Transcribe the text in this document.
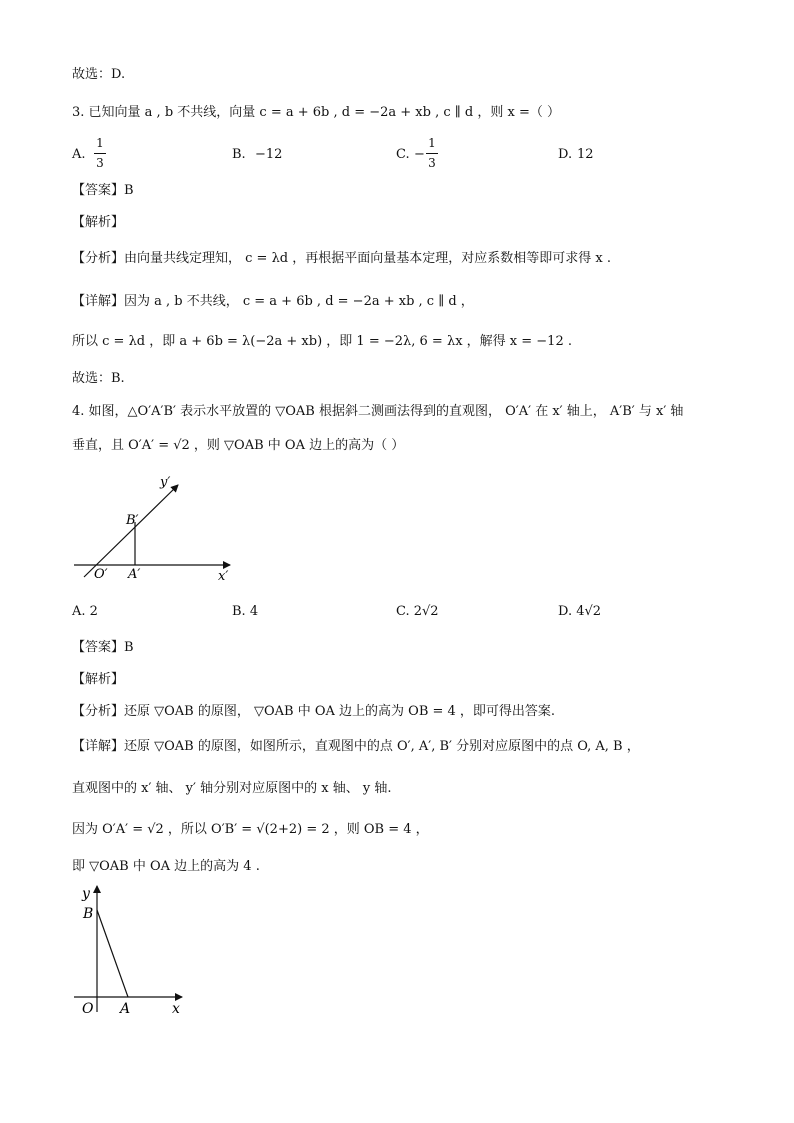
故选：D.
3. 已知向量 a , b 不共线，向量 c = a + 6b , d = −2a + xb , c ∥ d ，则 x =（ ）
A.
1
3
B. −12	C. −
1
3
D. 12
【答案】B
【解析】
【分析】由向量共线定理知， c = λd ，再根据平面向量基本定理，对应系数相等即可求得 x .
【详解】因为 a , b 不共线， c = a + 6b , d = −2a + xb , c ∥ d ，
所以 c = λd ，即 a + 6b = λ(−2a + xb) ，即 1 = −2λ, 6 = λx ，解得 x = −12 .
故选：B.
4. 如图，△O′A′B′ 表示水平放置的 ▽OAB 根据斜二测画法得到的直观图， O′A′ 在 x′ 轴上， A′B′ 与 x′ 轴
垂直，且 O′A′ = √2 ，则 ▽OAB 中 OA 边上的高为（ ）
y′
B′
O′ A′	x′
A. 2	B. 4	C. 2√2	D. 4√2
【答案】B
【解析】
【分析】还原 ▽OAB 的原图， ▽OAB 中 OA 边上的高为 OB = 4 ，即可得出答案.
【详解】还原 ▽OAB 的原图，如图所示，直观图中的点 O′, A′, B′ 分别对应原图中的点 O, A, B ，
直观图中的 x′ 轴、 y′ 轴分别对应原图中的 x 轴、 y 轴.
因为 O′A′ = √2 ，所以 O′B′ = √(2+2) = 2 ，则 OB = 4 ，
即 ▽OAB 中 OA 边上的高为 4 .
y
B
O A	x
